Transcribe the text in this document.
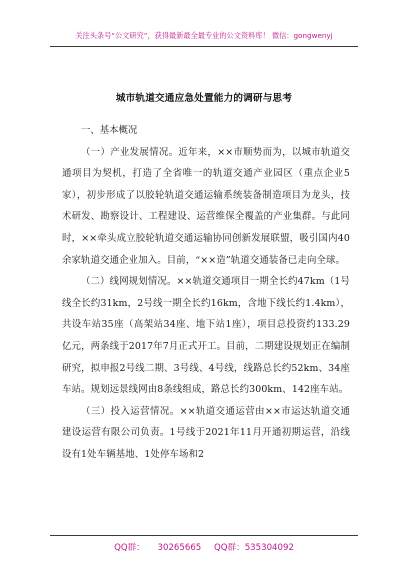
关注头条号“公文研究”，获得最新最全最专业的公文资料库！ 微信：gongwenyj
城市轨道交通应急处置能力的调研与思考

一、基本概况

（一）产业发展情况。近年来，××市顺势而为，以城市轨道交通项目为契机，打造了全省唯一的轨道交通产业园区（重点企业5家），初步形成了以胶轮轨道交通运输系统装备制造项目为龙头，技术研发、勘察设计、工程建设、运营维保全覆盖的产业集群。与此同时，××牵头成立胶轮轨道交通运输协同创新发展联盟，吸引国内40余家轨道交通企业加入。目前，“××造”轨道交通装备已走向全球。

（二）线网规划情况。××轨道交通项目一期全长约47km（1号线全长约31km，2号线一期全长约16km，含地下线长约1.4km），共设车站35座（高架站34座、地下站1座），项目总投资约133.29亿元，两条线于2017年7月正式开工。目前，二期建设规划正在编制研究，拟申报2号线二期、3号线、4号线，线路总长约52km、34座车站。规划远景线网由8条线组成，路总长约300km、142座车站。

（三）投入运营情况。××轨道交通运营由××市运达轨道交通建设运营有限公司负责。1号线于2021年11月开通初期运营，沿线设有1处车辆基地、1处停车场和2

QQ群： 30265665 QQ群：535304092
